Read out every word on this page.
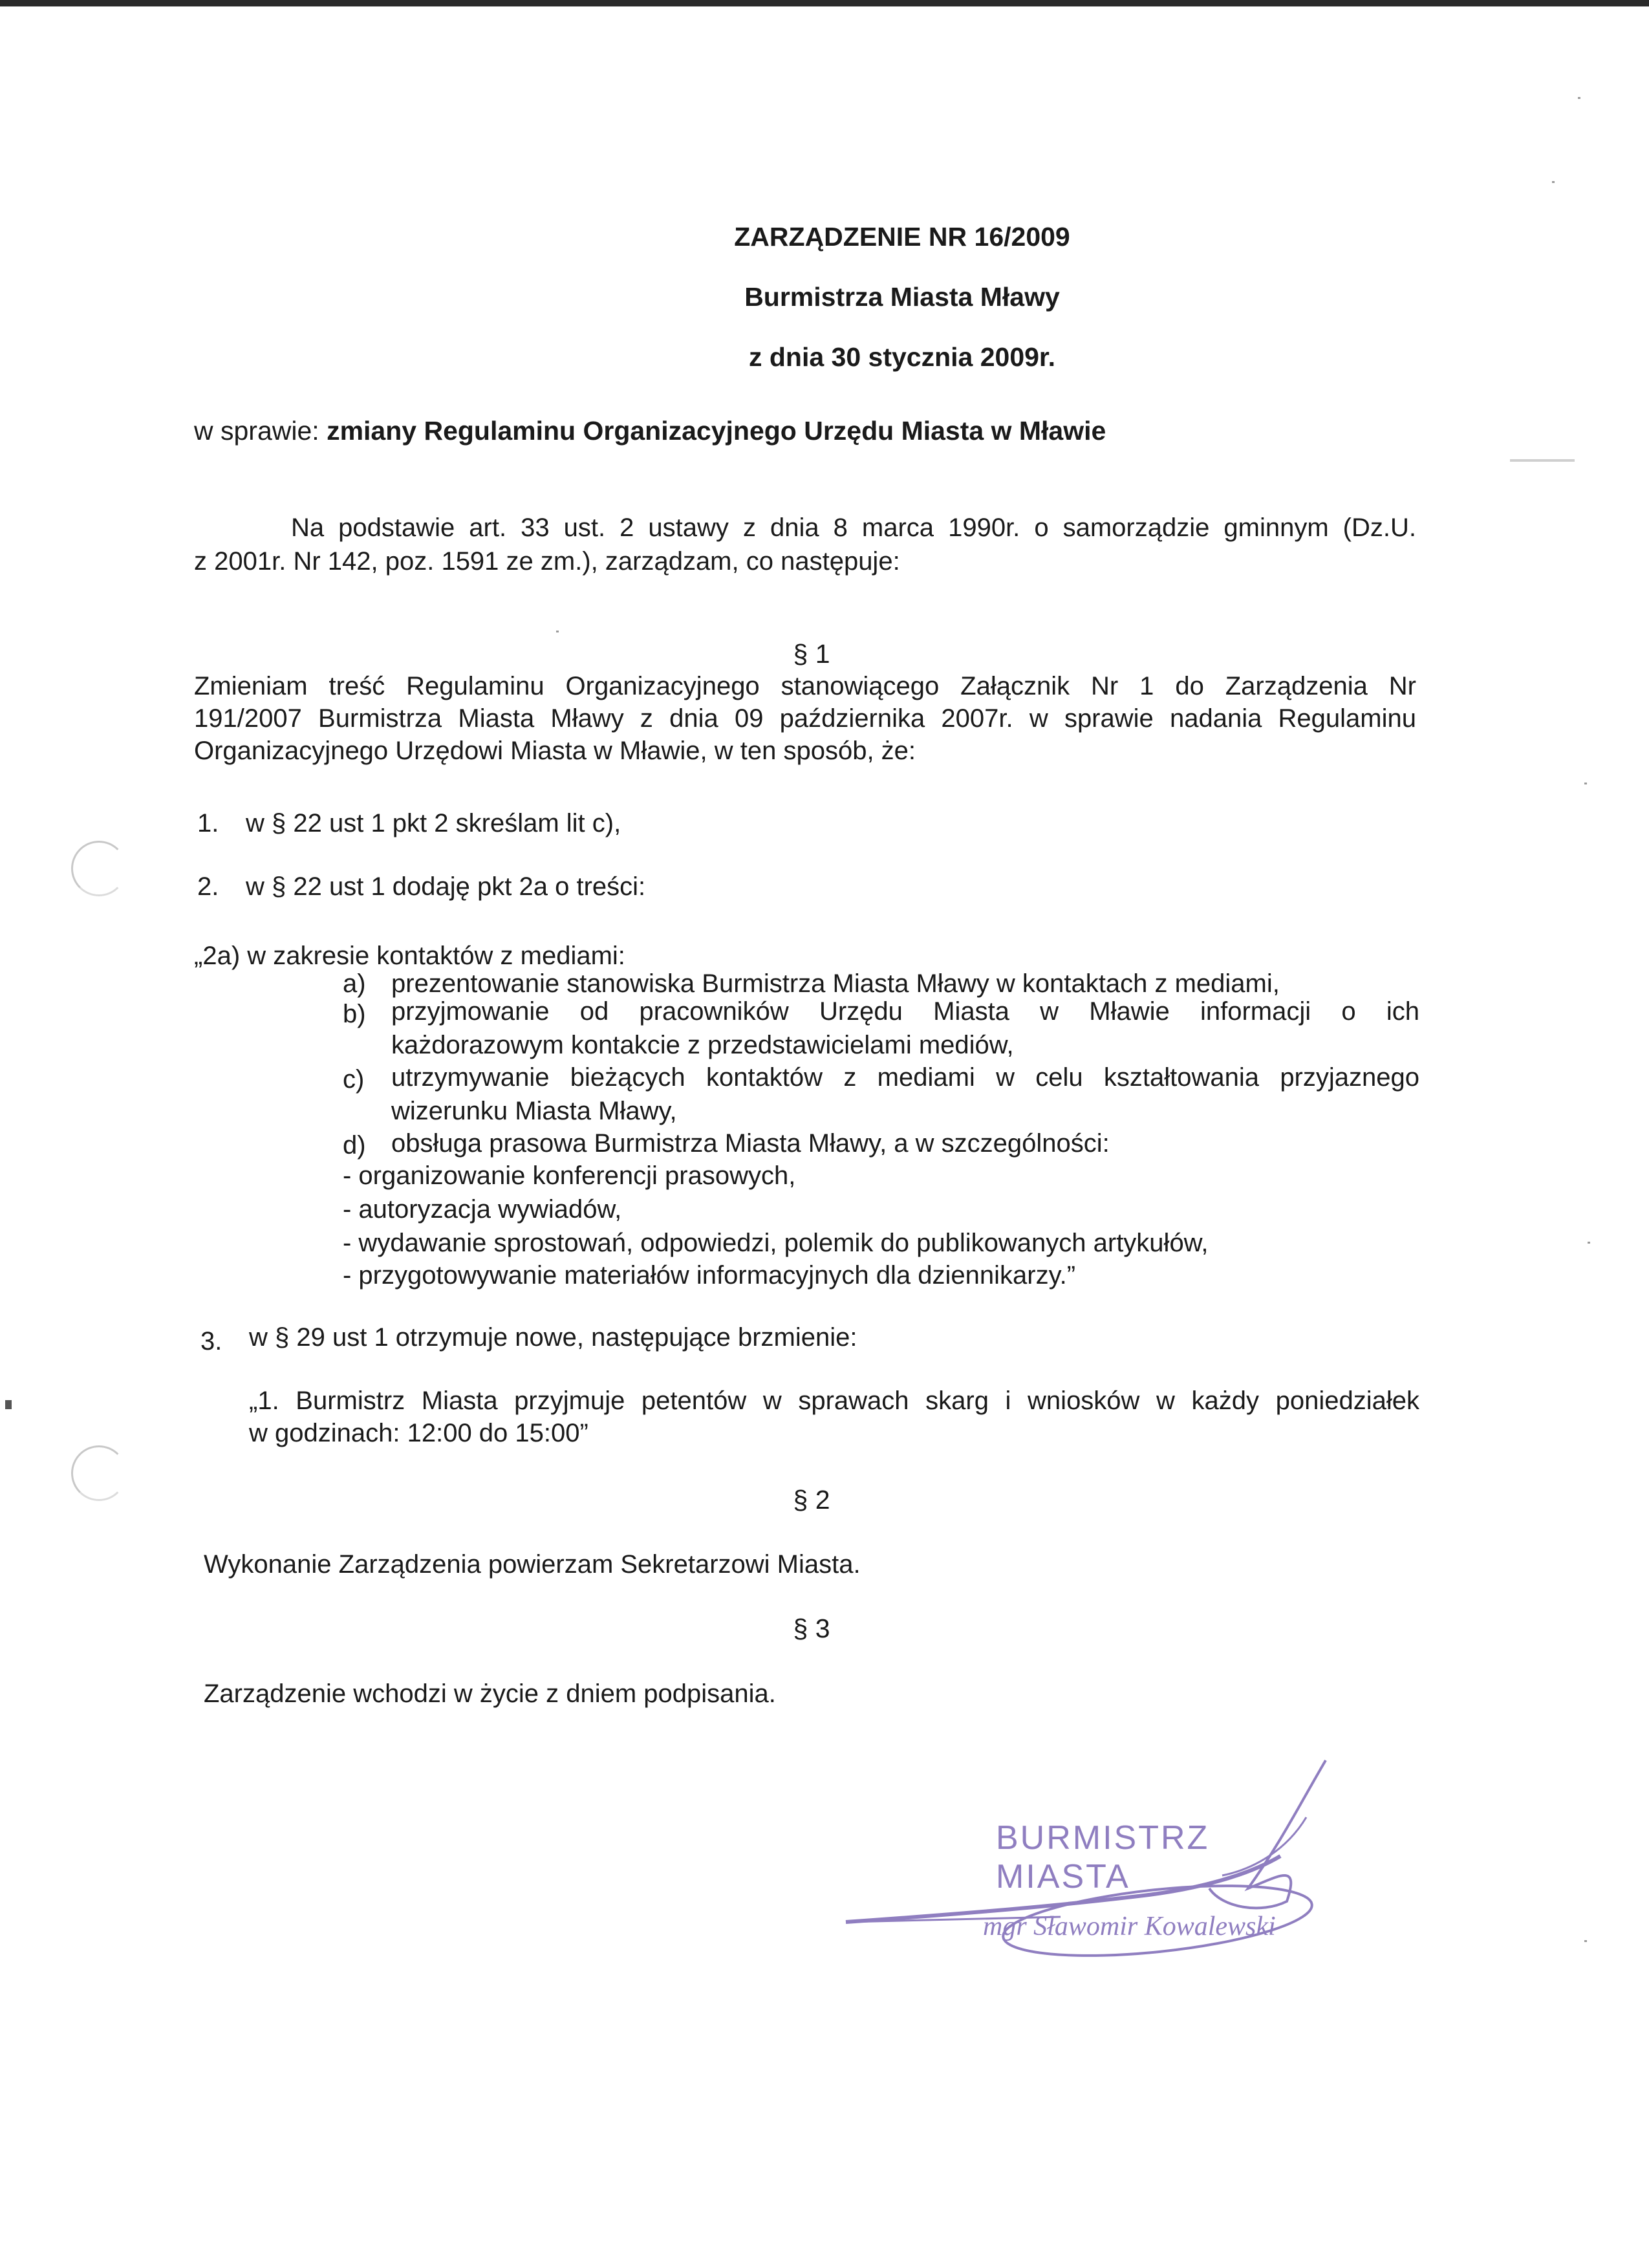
ZARZĄDZENIE NR 16/2009
Burmistrza Miasta Mławy
z dnia 30 stycznia 2009r.
w sprawie: zmiany Regulaminu Organizacyjnego Urzędu Miasta w Mławie
Na podstawie art. 33 ust. 2 ustawy z dnia 8 marca 1990r. o samorządzie gminnym (Dz.U.
z 2001r. Nr 142, poz. 1591 ze zm.), zarządzam, co następuje:
§ 1
Zmieniam treść Regulaminu Organizacyjnego stanowiącego Załącznik Nr 1 do Zarządzenia Nr
191/2007 Burmistrza Miasta Mławy z dnia 09 października 2007r. w sprawie nadania Regulaminu
Organizacyjnego Urzędowi Miasta w Mławie, w ten sposób, że:
1. w § 22 ust 1 pkt 2 skreślam lit c),
2. w § 22 ust 1 dodaję pkt 2a o treści:
„2a) w zakresie kontaktów z mediami:
a) prezentowanie stanowiska Burmistrza Miasta Mławy w kontaktach z mediami,
b) przyjmowanie od pracowników Urzędu Miasta w Mławie informacji o ich
każdorazowym kontakcie z przedstawicielami mediów,
c) utrzymywanie bieżących kontaktów z mediami w celu kształtowania przyjaznego
wizerunku Miasta Mławy,
d) obsługa prasowa Burmistrza Miasta Mławy, a w szczególności:
- organizowanie konferencji prasowych,
- autoryzacja wywiadów,
- wydawanie sprostowań, odpowiedzi, polemik do publikowanych artykułów,
- przygotowywanie materiałów informacyjnych dla dziennikarzy.”
3. w § 29 ust 1 otrzymuje nowe, następujące brzmienie:
„1. Burmistrz Miasta przyjmuje petentów w sprawach skarg i wniosków w każdy poniedziałek
w godzinach: 12:00 do 15:00”
§ 2
Wykonanie Zarządzenia powierzam Sekretarzowi Miasta.
§ 3
Zarządzenie wchodzi w życie z dniem podpisania.
BURMISTRZ MIASTA
mgr Sławomir Kowalewski
